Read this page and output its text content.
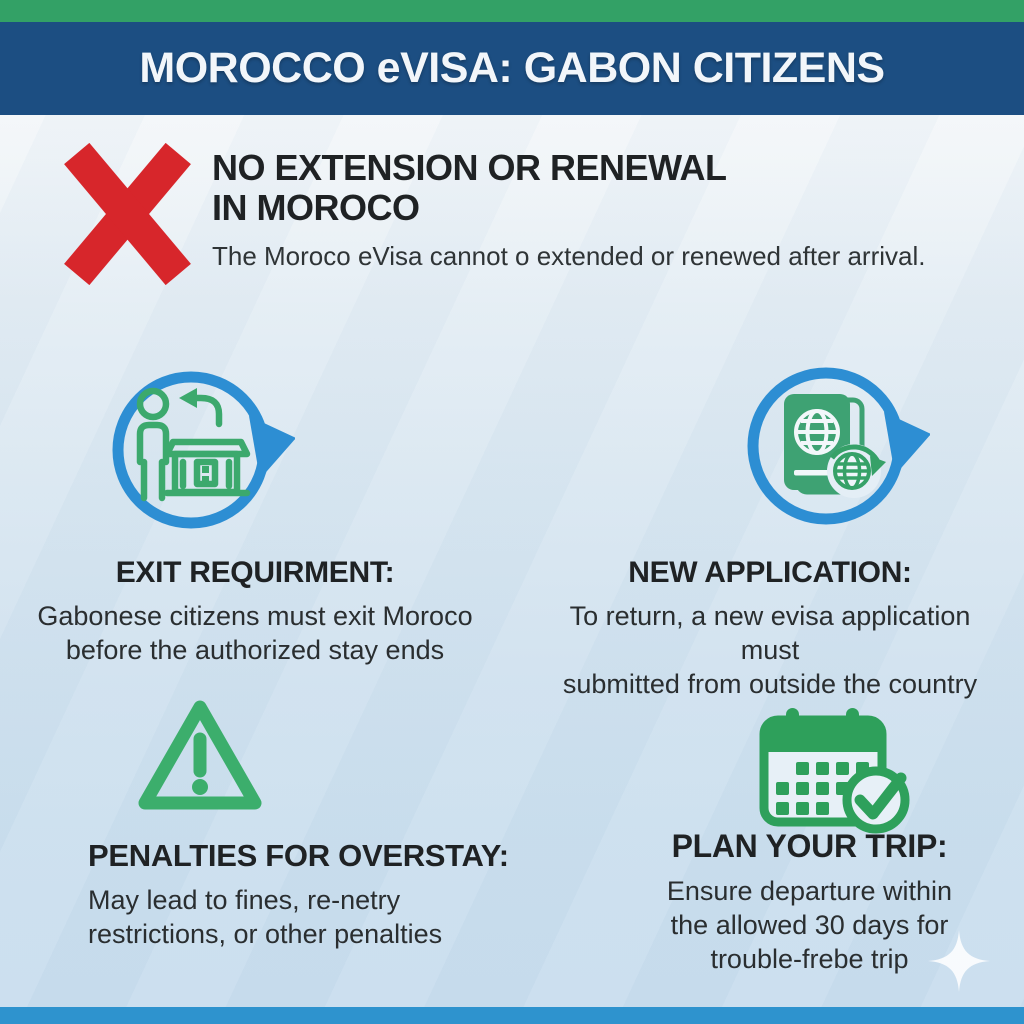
MOROCCO eVISA: GABON CITIZENS
NO EXTENSION OR RENEWAL
IN MOROCO

The Moroco eVisa cannot o extended or renewed after arrival.

EXIT REQUIRMENT:
Gabonese citizens must exit Moroco
before the authorized stay ends
NEW APPLICATION:
To return, a new evisa application must
submitted from outside the country
PENALTIES FOR OVERSTAY:
May lead to fines, re-netry
restrictions, or other penalties
PLAN YOUR TRIP:
Ensure departure within
the allowed 30 days for
trouble-frebe trip
